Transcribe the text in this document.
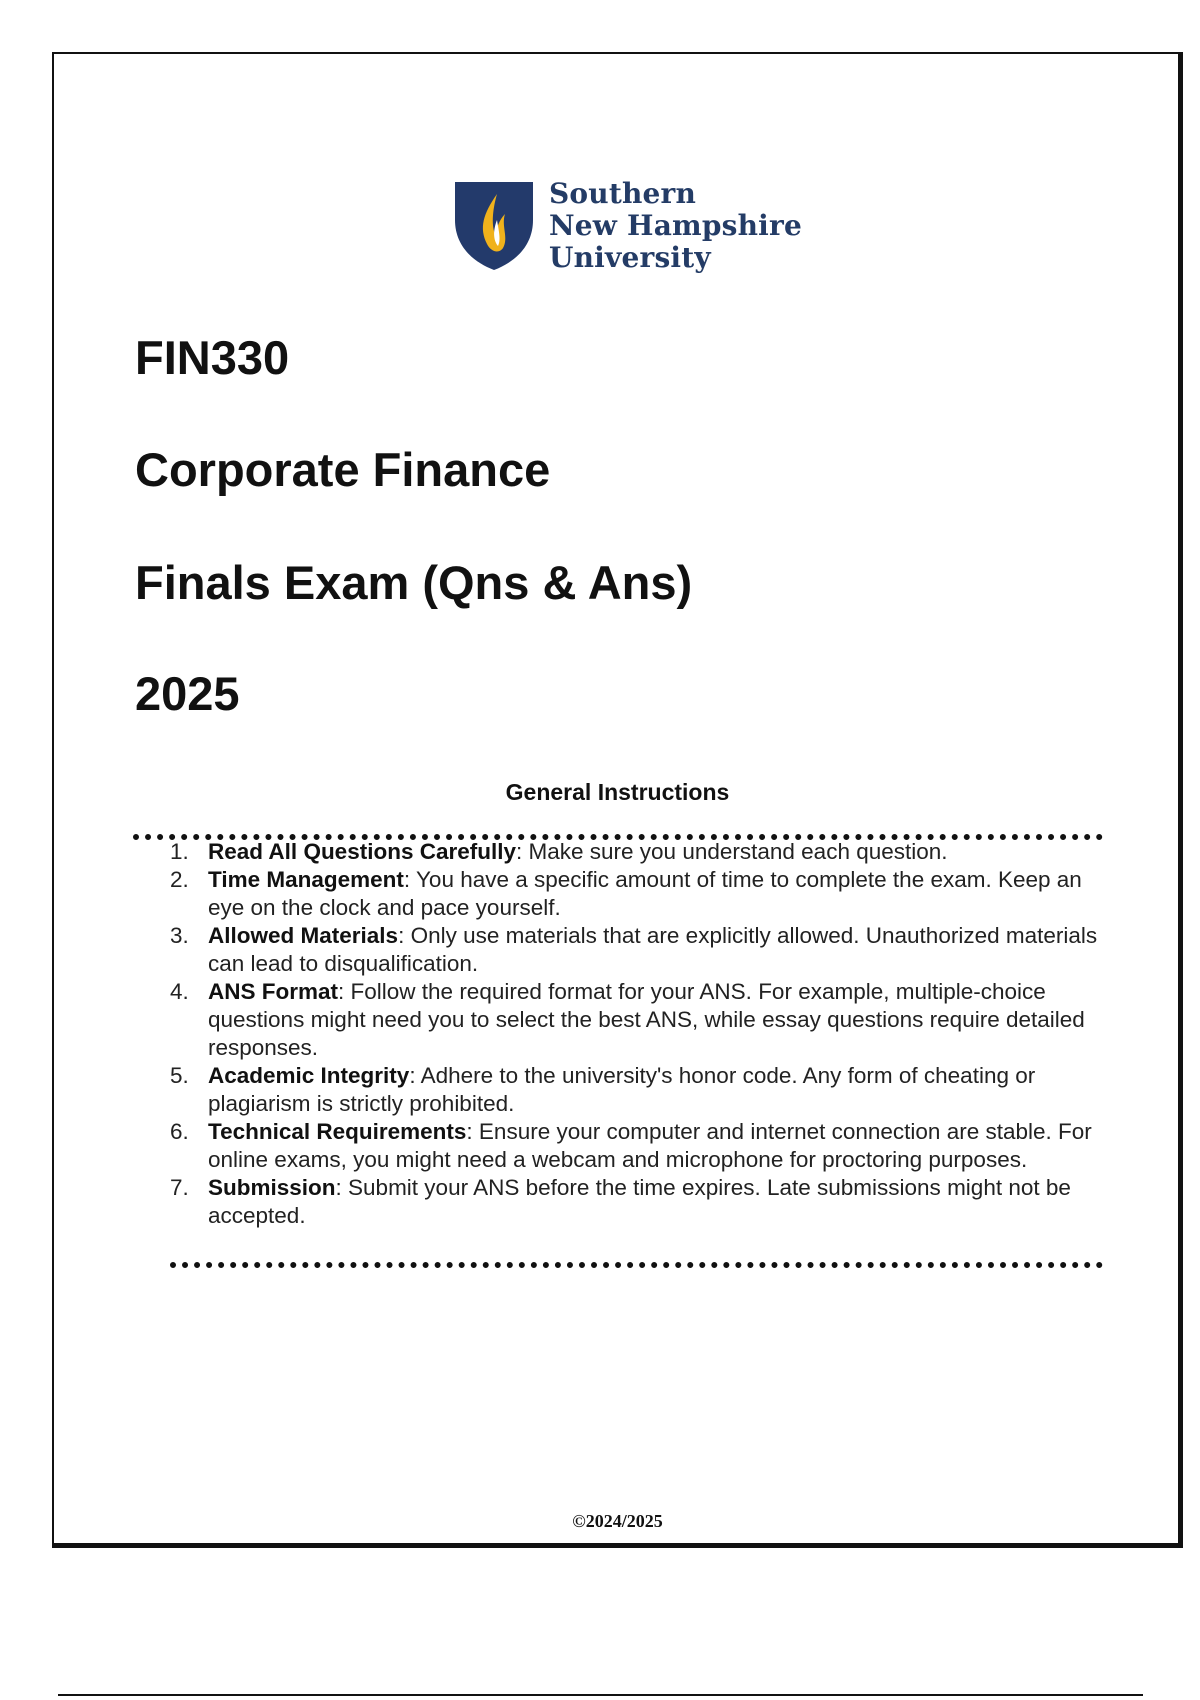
Southern
New Hampshire
University
FIN330
Corporate Finance
Finals Exam (Qns & Ans)
2025
General Instructions
1. Read All Questions Carefully: Make sure you understand each question.
2. Time Management: You have a specific amount of time to complete the exam. Keep an eye on the clock and pace yourself.
3. Allowed Materials: Only use materials that are explicitly allowed. Unauthorized materials can lead to disqualification.
4. ANS Format: Follow the required format for your ANS. For example, multiple-choice questions might need you to select the best ANS, while essay questions require detailed responses.
5. Academic Integrity: Adhere to the university's honor code. Any form of cheating or plagiarism is strictly prohibited.
6. Technical Requirements: Ensure your computer and internet connection are stable. For online exams, you might need a webcam and microphone for proctoring purposes.
7. Submission: Submit your ANS before the time expires. Late submissions might not be accepted.
©2024/2025
